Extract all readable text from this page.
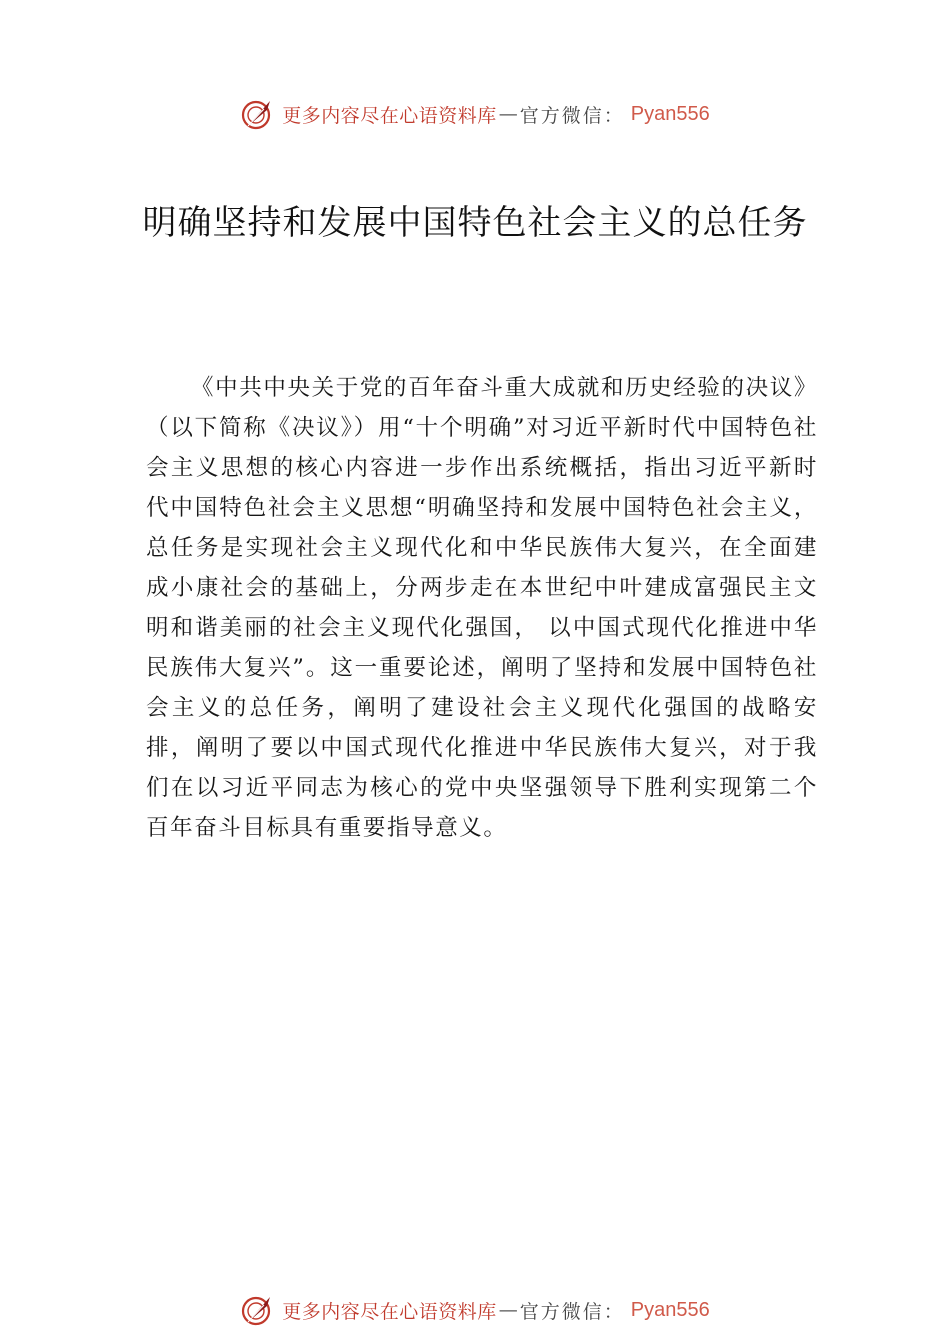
更多内容尽在心语资料库 — 官方微信： Pyan556
明确坚持和发展中国特色社会主义的总任务

《中共中央关于党的百年奋斗重大成就和历史经验的决议》（以下简称《决议》）用“十个明确”对习近平新时代中国特色社会主义思想的核心内容进一步作出系统概括，指出习近平新时代中国特色社会主义思想“明确坚持和发展中国特色社会主义，总任务是实现社会主义现代化和中华民族伟大复兴，在全面建成小康社会的基础上，分两步走在本世纪中叶建成富强民主文明和谐美丽的社会主义现代化强国， 以中国式现代化推进中华民族伟大复兴”。这一重要论述，阐明了坚持和发展中国特色社会主义的总任务，阐明了建设社会主义现代化强国的战略安排，阐明了要以中国式现代化推进中华民族伟大复兴，对于我们在以习近平同志为核心的党中央坚强领导下胜利实现第二个百年奋斗目标具有重要指导意义。

更多内容尽在心语资料库 — 官方微信： Pyan556
